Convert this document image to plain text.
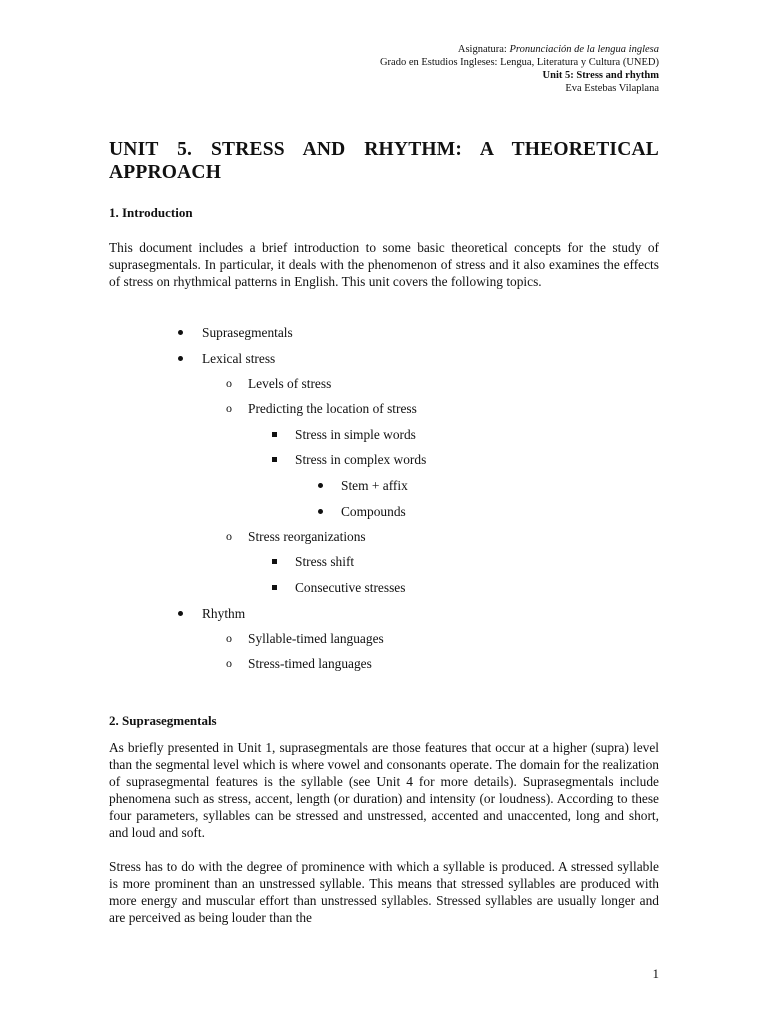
Asignatura: Pronunciación de la lengua inglesa
Grado en Estudios Ingleses: Lengua, Literatura y Cultura (UNED)
Unit 5: Stress and rhythm
Eva Estebas Vilaplana
UNIT 5. STRESS AND RHYTHM: A THEORETICAL
APPROACH
1. Introduction
This document includes a brief introduction to some basic theoretical concepts for the study of suprasegmentals. In particular, it deals with the phenomenon of stress and it also examines the effects of stress on rhythmical patterns in English. This unit covers the following topics.
Suprasegmentals
Lexical stress
o Levels of stress
o Predicting the location of stress
Stress in simple words
Stress in complex words
Stem + affix
Compounds
o Stress reorganizations
Stress shift
Consecutive stresses
Rhythm
o Syllable-timed languages
o Stress-timed languages
2. Suprasegmentals
As briefly presented in Unit 1, suprasegmentals are those features that occur at a higher (supra) level than the segmental level which is where vowel and consonants operate. The domain for the realization of suprasegmental features is the syllable (see Unit 4 for more details). Suprasegmentals include phenomena such as stress, accent, length (or duration) and intensity (or loudness). According to these four parameters, syllables can be stressed and unstressed, accented and unaccented, long and short, and loud and soft.
Stress has to do with the degree of prominence with which a syllable is produced. A stressed syllable is more prominent than an unstressed syllable. This means that stressed syllables are produced with more energy and muscular effort than unstressed syllables. Stressed syllables are usually longer and are perceived as being louder than the
1
